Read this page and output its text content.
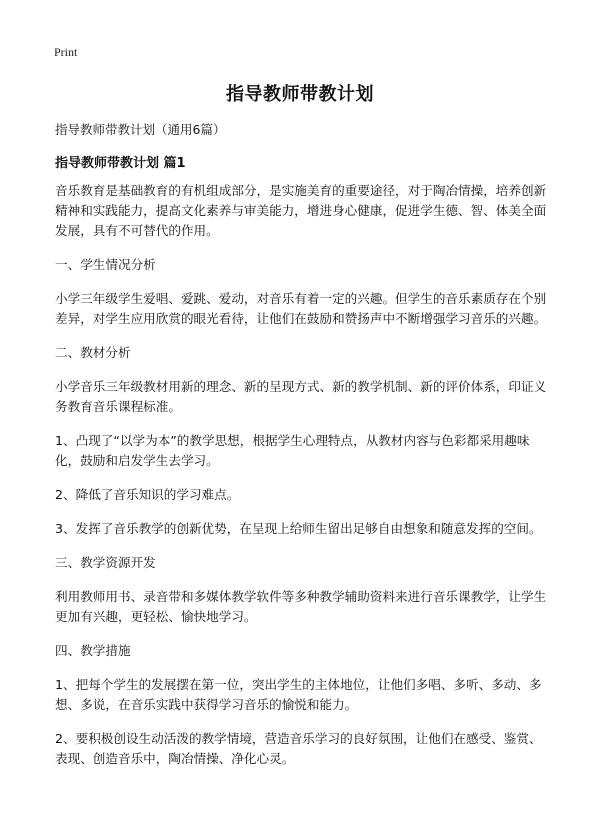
Print
指导教师带教计划
指导教师带教计划（通用6篇）
指导教师带教计划 篇1

音乐教育是基础教育的有机组成部分，是实施美育的重要途径，对于陶冶情操，培养创新精神和实践能力，提高文化素养与审美能力，增进身心健康，促进学生德、智、体美全面发展，具有不可替代的作用。

一、学生情况分析

小学三年级学生爱唱、爱跳、爱动，对音乐有着一定的兴趣。但学生的音乐素质存在个别差异，对学生应用欣赏的眼光看待，让他们在鼓励和赞扬声中不断增强学习音乐的兴趣。

二、教材分析

小学音乐三年级教材用新的理念、新的呈现方式、新的教学机制、新的评价体系，印证义务教育音乐课程标准。

1、凸现了“以学为本”的教学思想，根据学生心理特点，从教材内容与色彩都采用趣味化，鼓励和启发学生去学习。

2、降低了音乐知识的学习难点。

3、发挥了音乐教学的创新优势，在呈现上给师生留出足够自由想象和随意发挥的空间。

三、教学资源开发

利用教师用书、录音带和多媒体教学软件等多种教学辅助资料来进行音乐课教学，让学生更加有兴趣，更轻松、愉快地学习。

四、教学措施

1、把每个学生的发展摆在第一位，突出学生的主体地位，让他们多唱、多听、多动、多想、多说，在音乐实践中获得学习音乐的愉悦和能力。

2、要积极创设生动活泼的教学情境，营造音乐学习的良好氛围，让他们在感受、鉴赏、表现、创造音乐中，陶冶情操、净化心灵。
